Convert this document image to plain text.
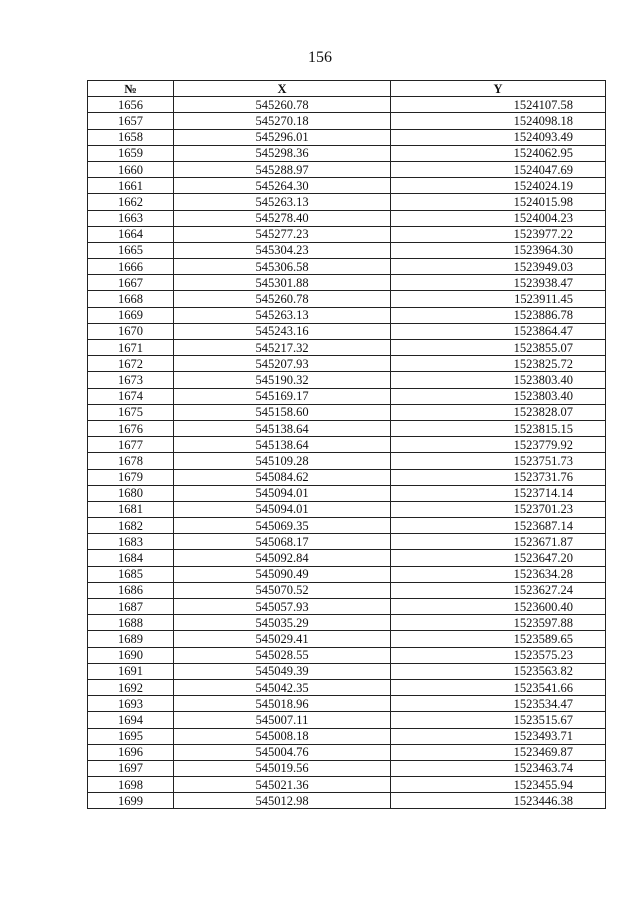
156
№	X	Y
1656	545260.78	1524107.58
1657	545270.18	1524098.18
1658	545296.01	1524093.49
1659	545298.36	1524062.95
1660	545288.97	1524047.69
1661	545264.30	1524024.19
1662	545263.13	1524015.98
1663	545278.40	1524004.23
1664	545277.23	1523977.22
1665	545304.23	1523964.30
1666	545306.58	1523949.03
1667	545301.88	1523938.47
1668	545260.78	1523911.45
1669	545263.13	1523886.78
1670	545243.16	1523864.47
1671	545217.32	1523855.07
1672	545207.93	1523825.72
1673	545190.32	1523803.40
1674	545169.17	1523803.40
1675	545158.60	1523828.07
1676	545138.64	1523815.15
1677	545138.64	1523779.92
1678	545109.28	1523751.73
1679	545084.62	1523731.76
1680	545094.01	1523714.14
1681	545094.01	1523701.23
1682	545069.35	1523687.14
1683	545068.17	1523671.87
1684	545092.84	1523647.20
1685	545090.49	1523634.28
1686	545070.52	1523627.24
1687	545057.93	1523600.40
1688	545035.29	1523597.88
1689	545029.41	1523589.65
1690	545028.55	1523575.23
1691	545049.39	1523563.82
1692	545042.35	1523541.66
1693	545018.96	1523534.47
1694	545007.11	1523515.67
1695	545008.18	1523493.71
1696	545004.76	1523469.87
1697	545019.56	1523463.74
1698	545021.36	1523455.94
1699	545012.98	1523446.38
